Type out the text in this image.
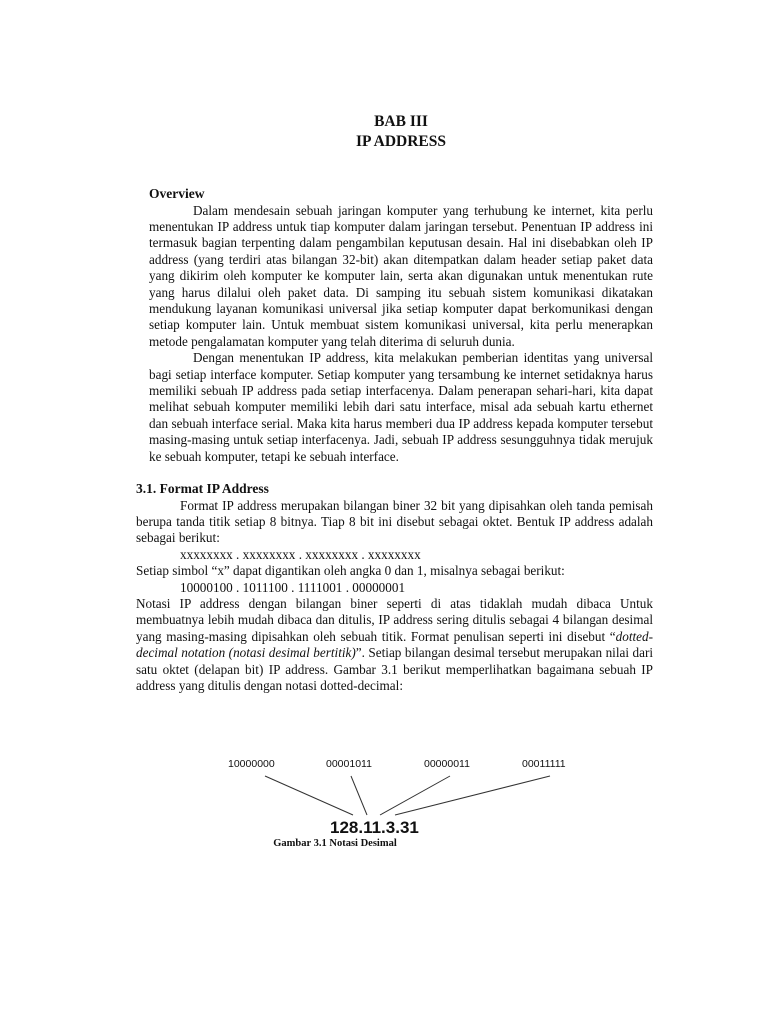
BAB III
IP ADDRESS
Overview

Dalam mendesain sebuah jaringan komputer yang terhubung ke internet, kita perlu menentukan IP address untuk tiap komputer dalam jaringan tersebut. Penentuan IP address ini termasuk bagian terpenting dalam pengambilan keputusan desain. Hal ini disebabkan oleh IP address (yang terdiri atas bilangan 32-bit) akan ditempatkan dalam header setiap paket data yang dikirim oleh komputer ke komputer lain, serta akan digunakan untuk menentukan rute yang harus dilalui oleh paket data. Di samping itu sebuah sistem komunikasi dikatakan mendukung layanan komunikasi universal jika setiap komputer dapat berkomunikasi dengan setiap komputer lain. Untuk membuat sistem komunikasi universal, kita perlu menerapkan metode pengalamatan komputer yang telah diterima di seluruh dunia.

Dengan menentukan IP address, kita melakukan pemberian identitas yang universal bagi setiap interface komputer. Setiap komputer yang tersambung ke internet setidaknya harus memiliki sebuah IP address pada setiap interfacenya. Dalam penerapan sehari-hari, kita dapat melihat sebuah komputer memiliki lebih dari satu interface, misal ada sebuah kartu ethernet dan sebuah interface serial. Maka kita harus memberi dua IP address kepada komputer tersebut masing-masing untuk setiap interfacenya. Jadi, sebuah IP address sesungguhnya tidak merujuk ke sebuah komputer, tetapi ke sebuah interface.

3.1. Format IP Address

Format IP address merupakan bilangan biner 32 bit yang dipisahkan oleh tanda pemisah berupa tanda titik setiap 8 bitnya. Tiap 8 bit ini disebut sebagai oktet. Bentuk IP address adalah sebagai berikut:

xxxxxxxx . xxxxxxxx . xxxxxxxx . xxxxxxxx

Setiap simbol “x” dapat digantikan oleh angka 0 dan 1, misalnya sebagai berikut:

10000100 . 1011100 . 1111001 . 00000001

Notasi IP address dengan bilangan biner seperti di atas tidaklah mudah dibaca Untuk membuatnya lebih mudah dibaca dan ditulis, IP address sering ditulis sebagai 4 bilangan desimal yang masing-masing dipisahkan oleh sebuah titik. Format penulisan seperti ini disebut “dotted-decimal notation (notasi desimal bertitik)”. Setiap bilangan desimal tersebut merupakan nilai dari satu oktet (delapan bit) IP address. Gambar 3.1 berikut memperlihatkan bagaimana sebuah IP address yang ditulis dengan notasi dotted-decimal:

10000000	00001011	00000011	00011111
128.11.3.31
Gambar 3.1 Notasi Desimal
